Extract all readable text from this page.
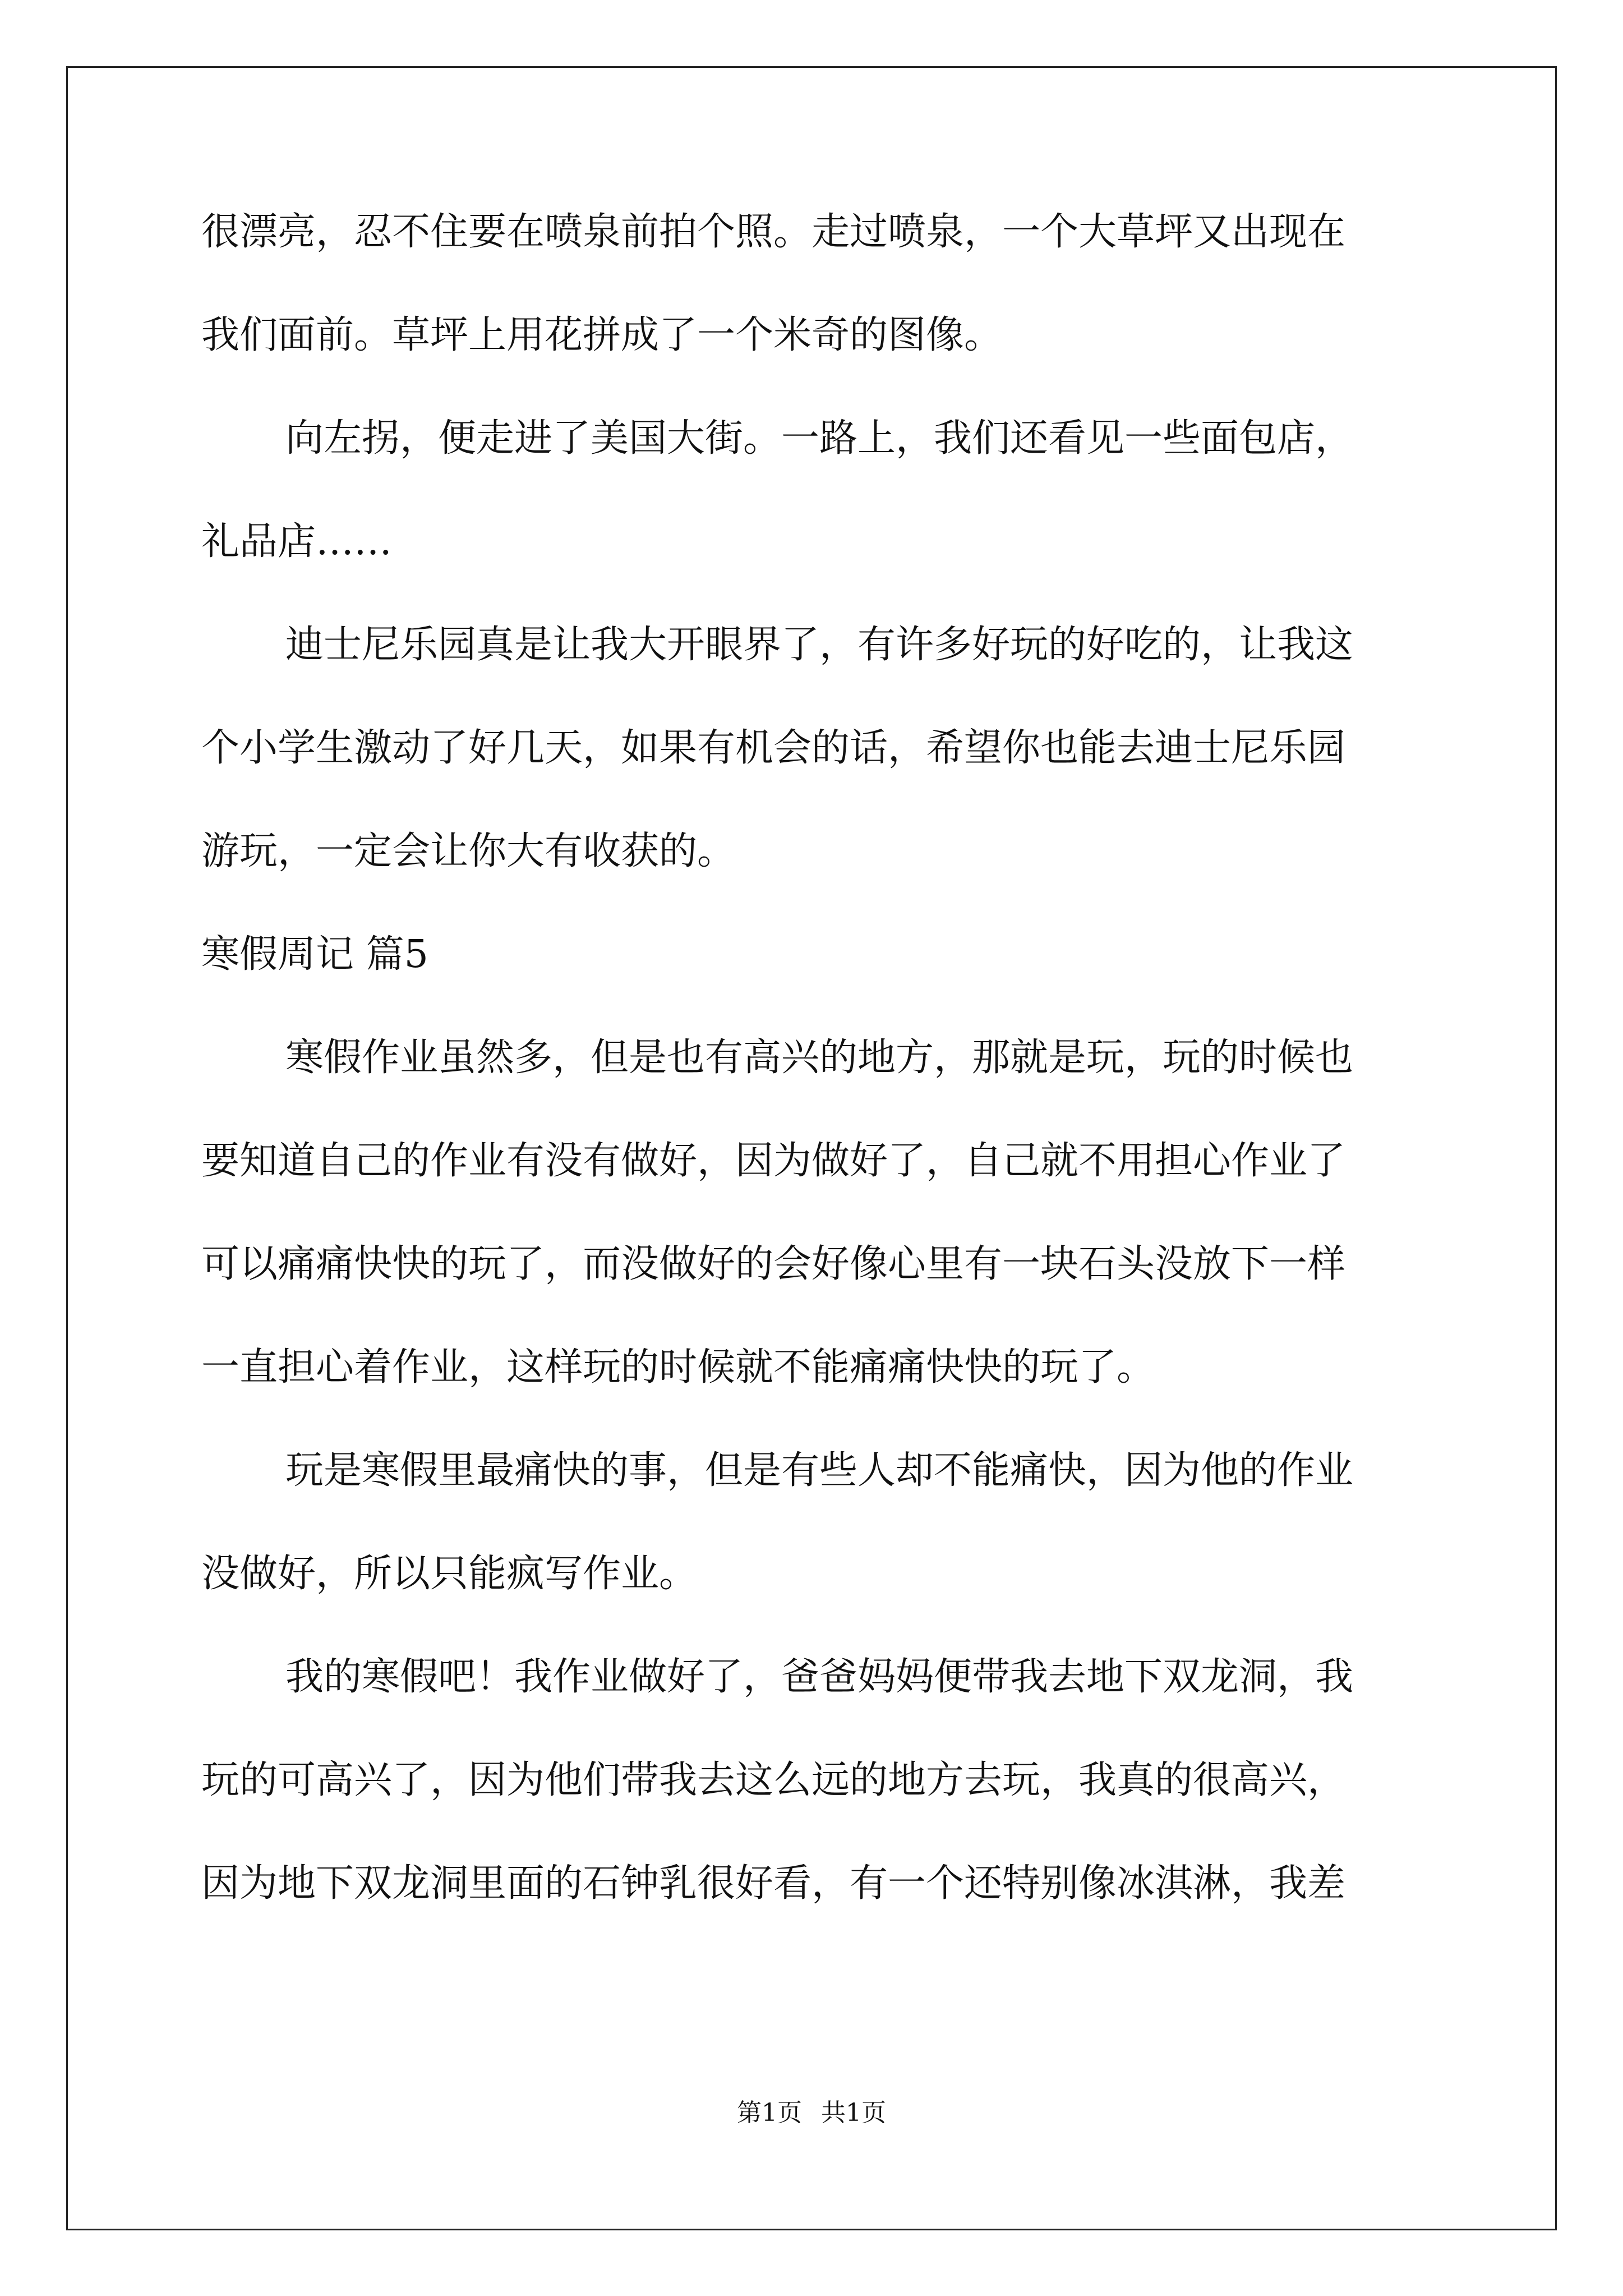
很漂亮，忍不住要在喷泉前拍个照。走过喷泉，一个大草坪又出现在
我们面前。草坪上用花拼成了一个米奇的图像。
向左拐，便走进了美国大街。一路上，我们还看见一些面包店，
礼品店……
迪士尼乐园真是让我大开眼界了，有许多好玩的好吃的，让我这
个小学生激动了好几天，如果有机会的话，希望你也能去迪士尼乐园
游玩，一定会让你大有收获的。
寒假周记 篇5
寒假作业虽然多，但是也有高兴的地方，那就是玩，玩的时候也
要知道自己的作业有没有做好，因为做好了，自己就不用担心作业了
可以痛痛快快的玩了，而没做好的会好像心里有一块石头没放下一样
一直担心着作业，这样玩的时候就不能痛痛快快的玩了。
玩是寒假里最痛快的事，但是有些人却不能痛快，因为他的作业
没做好，所以只能疯写作业。
我的寒假吧！我作业做好了，爸爸妈妈便带我去地下双龙洞，我
玩的可高兴了，因为他们带我去这么远的地方去玩，我真的很高兴，
因为地下双龙洞里面的石钟乳很好看，有一个还特别像冰淇淋，我差
第1页 共1页
